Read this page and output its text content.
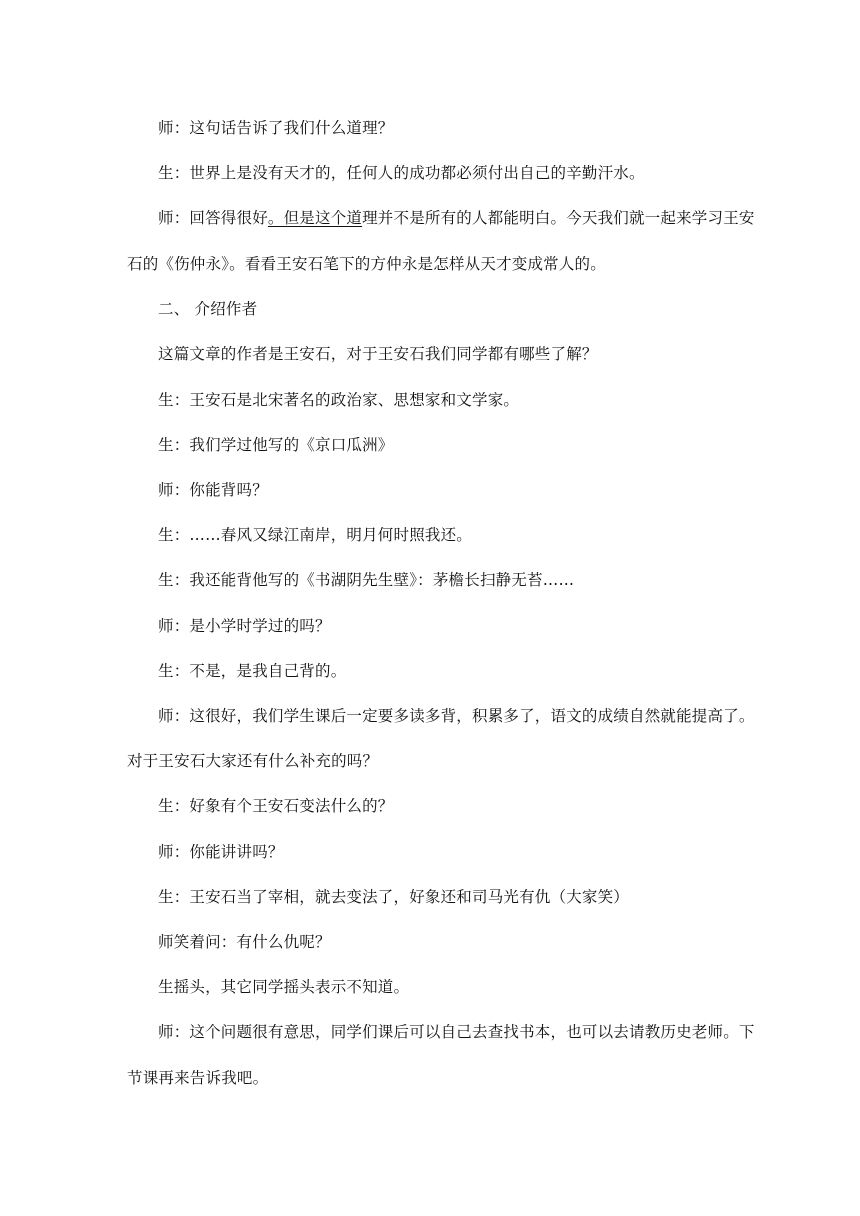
师：这句话告诉了我们什么道理？
生：世界上是没有天才的，任何人的成功都必须付出自己的辛勤汗水。
师：回答得很好。但是这个道理并不是所有的人都能明白。今天我们就一起来学习王安
石的《伤仲永》。看看王安石笔下的方仲永是怎样从天才变成常人的。
二、 介绍作者
这篇文章的作者是王安石，对于王安石我们同学都有哪些了解？
生：王安石是北宋著名的政治家、思想家和文学家。
生：我们学过他写的《京口瓜洲》
师：你能背吗？
生：……春风又绿江南岸，明月何时照我还。
生：我还能背他写的《书湖阴先生壁》：茅檐长扫静无苔……
师：是小学时学过的吗？
生：不是，是我自己背的。
师：这很好，我们学生课后一定要多读多背，积累多了，语文的成绩自然就能提高了。
对于王安石大家还有什么补充的吗？
生：好象有个王安石变法什么的？
师：你能讲讲吗？
生：王安石当了宰相，就去变法了，好象还和司马光有仇（大家笑）
师笑着问：有什么仇呢？
生摇头，其它同学摇头表示不知道。
师：这个问题很有意思，同学们课后可以自己去查找书本，也可以去请教历史老师。下
节课再来告诉我吧。
